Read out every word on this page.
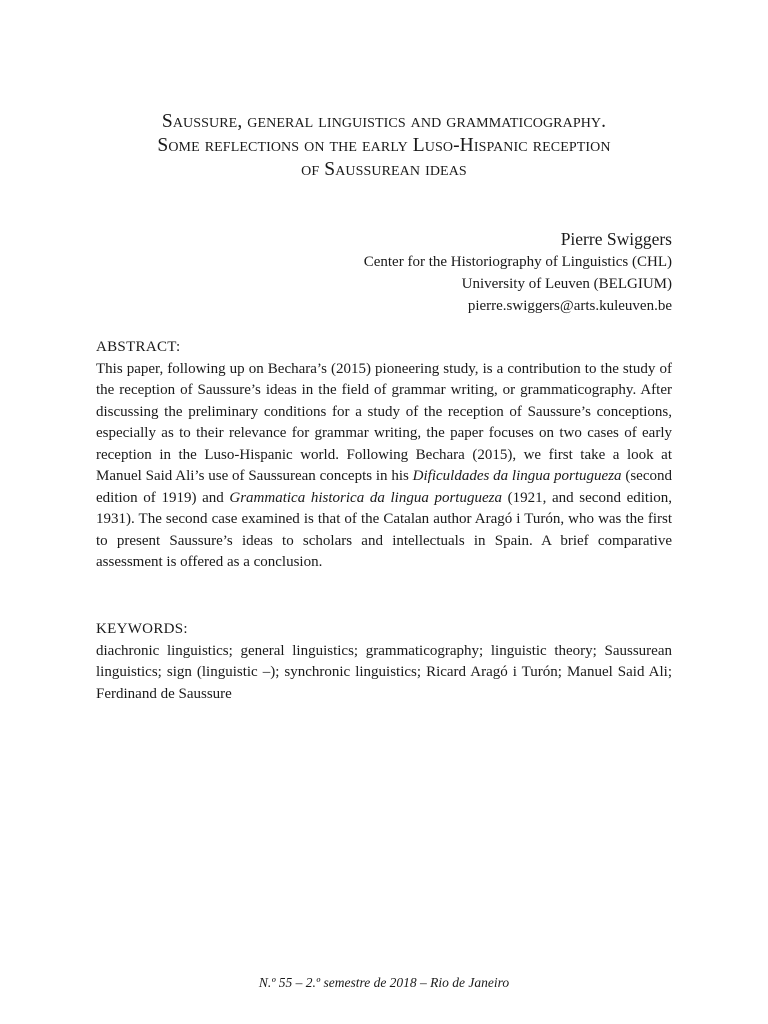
Saussure, general linguistics and grammaticography.
Some reflections on the early Luso-Hispanic reception
of Saussurean ideas
Pierre Swiggers
Center for the Historiography of Linguistics (CHL)
University of Leuven (BELGIUM)
pierre.swiggers@arts.kuleuven.be
ABSTRACT:

This paper, following up on Bechara’s (2015) pioneering study, is a contribution to the study of the reception of Saussure’s ideas in the field of grammar writing, or grammaticography. After discussing the preliminary conditions for a study of the reception of Saussure’s conceptions, especially as to their relevance for grammar writing, the paper focuses on two cases of early reception in the Luso-Hispanic world. Following Bechara (2015), we first take a look at Manuel Said Ali’s use of Saussurean concepts in his Dificuldades da lingua portugueza (second edition of 1919) and Grammatica historica da lingua portugueza (1921, and second edition, 1931). The second case examined is that of the Catalan author Aragó i Turón, who was the first to present Saussure’s ideas to scholars and intellectuals in Spain. A brief comparative assessment is offered as a conclusion.

KEYWORDS:

diachronic linguistics; general linguistics; grammaticography; linguistic theory; Saussurean linguistics; sign (linguistic –); synchronic linguistics; Ricard Aragó i Turón; Manuel Said Ali; Ferdinand de Saussure

N.º 55 – 2.º semestre de 2018 – Rio de Janeiro
